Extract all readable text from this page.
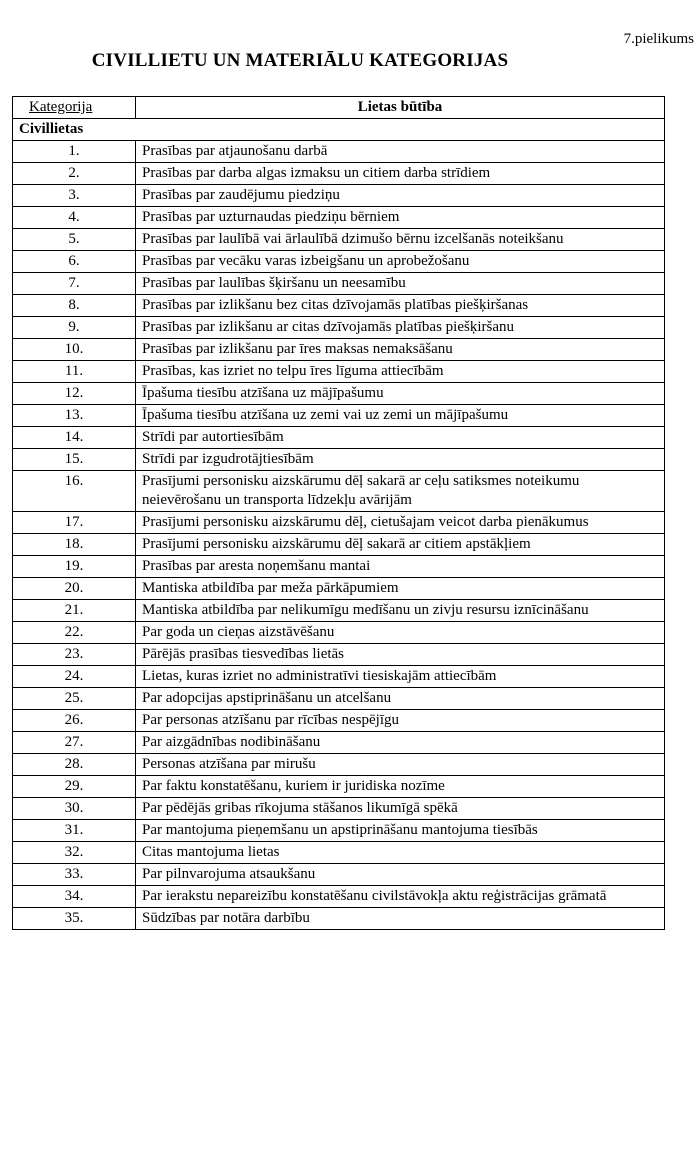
7.pielikums
CIVILLIETU UN MATERIĀLU KATEGORIJAS
Kategorija	Lietas būtība
Civillietas	
1.	Prasības par atjaunošanu darbā
2.	Prasības par darba algas izmaksu un citiem darba strīdiem
3.	Prasības par zaudējumu piedziņu
4.	Prasības par uzturnaudas piedziņu bērniem
5.	Prasības par laulībā vai ārlaulībā dzimušo bērnu izcelšanās noteikšanu
6.	Prasības par vecāku varas izbeigšanu un aprobežošanu
7.	Prasības par laulības šķiršanu un neesamību
8.	Prasības par izlikšanu bez citas dzīvojamās platības piešķiršanas
9.	Prasības par izlikšanu ar citas dzīvojamās platības piešķiršanu
10.	Prasības par izlikšanu par īres maksas nemaksāšanu
11.	Prasības, kas izriet no telpu īres līguma attiecībām
12.	Īpašuma tiesību atzīšana uz mājīpašumu
13.	Īpašuma tiesību atzīšana uz zemi vai uz zemi un mājīpašumu
14.	Strīdi par autortiesībām
15.	Strīdi par izgudrotājtiesībām
16.	Prasījumi personisku aizskārumu dēļ sakarā ar ceļu satiksmes noteikumu neievērošanu un transporta līdzekļu avārijām
17.	Prasījumi personisku aizskārumu dēļ, cietušajam veicot darba pienākumus
18.	Prasījumi personisku aizskārumu dēļ sakarā ar citiem apstākļiem
19.	Prasības par aresta noņemšanu mantai
20.	Mantiska atbildība par meža pārkāpumiem
21.	Mantiska atbildība par nelikumīgu medīšanu un zivju resursu iznīcināšanu
22.	Par goda un cieņas aizstāvēšanu
23.	Pārējās prasības tiesvedības lietās
24.	Lietas, kuras izriet no administratīvi tiesiskajām attiecībām
25.	Par adopcijas apstiprināšanu un atcelšanu
26.	Par personas atzīšanu par rīcības nespējīgu
27.	Par aizgādnības nodibināšanu
28.	Personas atzīšana par mirušu
29.	Par faktu konstatēšanu, kuriem ir juridiska nozīme
30.	Par pēdējās gribas rīkojuma stāšanos likumīgā spēkā
31.	Par mantojuma pieņemšanu un apstiprināšanu mantojuma tiesībās
32.	Citas mantojuma lietas
33.	Par pilnvarojuma atsaukšanu
34.	Par ierakstu nepareizību konstatēšanu civilstāvokļa aktu reģistrācijas grāmatā
35.	Sūdzības par notāra darbību
